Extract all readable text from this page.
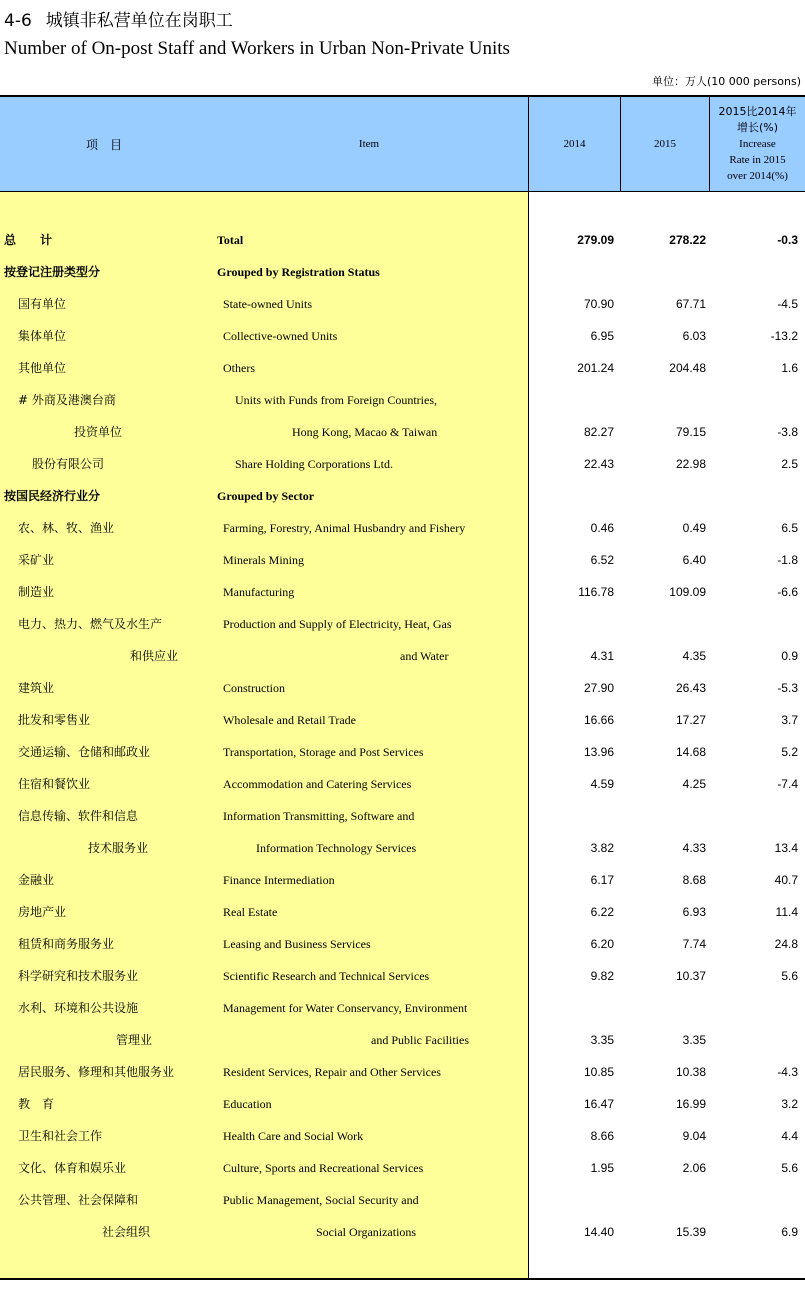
4-6 城镇非私营单位在岗职工
Number of On-post Staff and Workers in Urban Non-Private Units
单位：万人(10 000 persons)
项　目	Item	2014	2015
2015比2014年
增长(%)
Increase
Rate in 2015
over 2014(%)
总　　计	Total	279.09	278.22	-0.3
按登记注册类型分	Grouped by Registration Status
国有单位	State-owned Units	70.90	67.71	-4.5
集体单位	Collective-owned Units	6.95	6.03	-13.2
其他单位	Others	201.24	204.48	1.6
# 外商及港澳台商	Units with Funds from Foreign Countries,
投资单位	Hong Kong, Macao & Taiwan	82.27	79.15	-3.8
股份有限公司	Share Holding Corporations Ltd.	22.43	22.98	2.5
按国民经济行业分	Grouped by Sector
农、林、牧、渔业	Farming, Forestry, Animal Husbandry and Fishery	0.46	0.49	6.5
采矿业	Minerals Mining	6.52	6.40	-1.8
制造业	Manufacturing	116.78	109.09	-6.6
电力、热力、燃气及水生产	Production and Supply of Electricity, Heat, Gas
和供应业	and Water	4.31	4.35	0.9
建筑业	Construction	27.90	26.43	-5.3
批发和零售业	Wholesale and Retail Trade	16.66	17.27	3.7
交通运输、仓储和邮政业	Transportation, Storage and Post Services	13.96	14.68	5.2
住宿和餐饮业	Accommodation and Catering Services	4.59	4.25	-7.4
信息传输、软件和信息	Information Transmitting, Software and
技术服务业	Information Technology Services	3.82	4.33	13.4
金融业	Finance Intermediation	6.17	8.68	40.7
房地产业	Real Estate	6.22	6.93	11.4
租赁和商务服务业	Leasing and Business Services	6.20	7.74	24.8
科学研究和技术服务业	Scientific Research and Technical Services	9.82	10.37	5.6
水利、环境和公共设施	Management for Water Conservancy, Environment
管理业	and Public Facilities	3.35	3.35
居民服务、修理和其他服务业	Resident Services, Repair and Other Services	10.85	10.38	-4.3
教　育	Education	16.47	16.99	3.2
卫生和社会工作	Health Care and Social Work	8.66	9.04	4.4
文化、体育和娱乐业	Culture, Sports and Recreational Services	1.95	2.06	5.6
公共管理、社会保障和	Public Management, Social Security and
社会组织	Social Organizations	14.40	15.39	6.9
